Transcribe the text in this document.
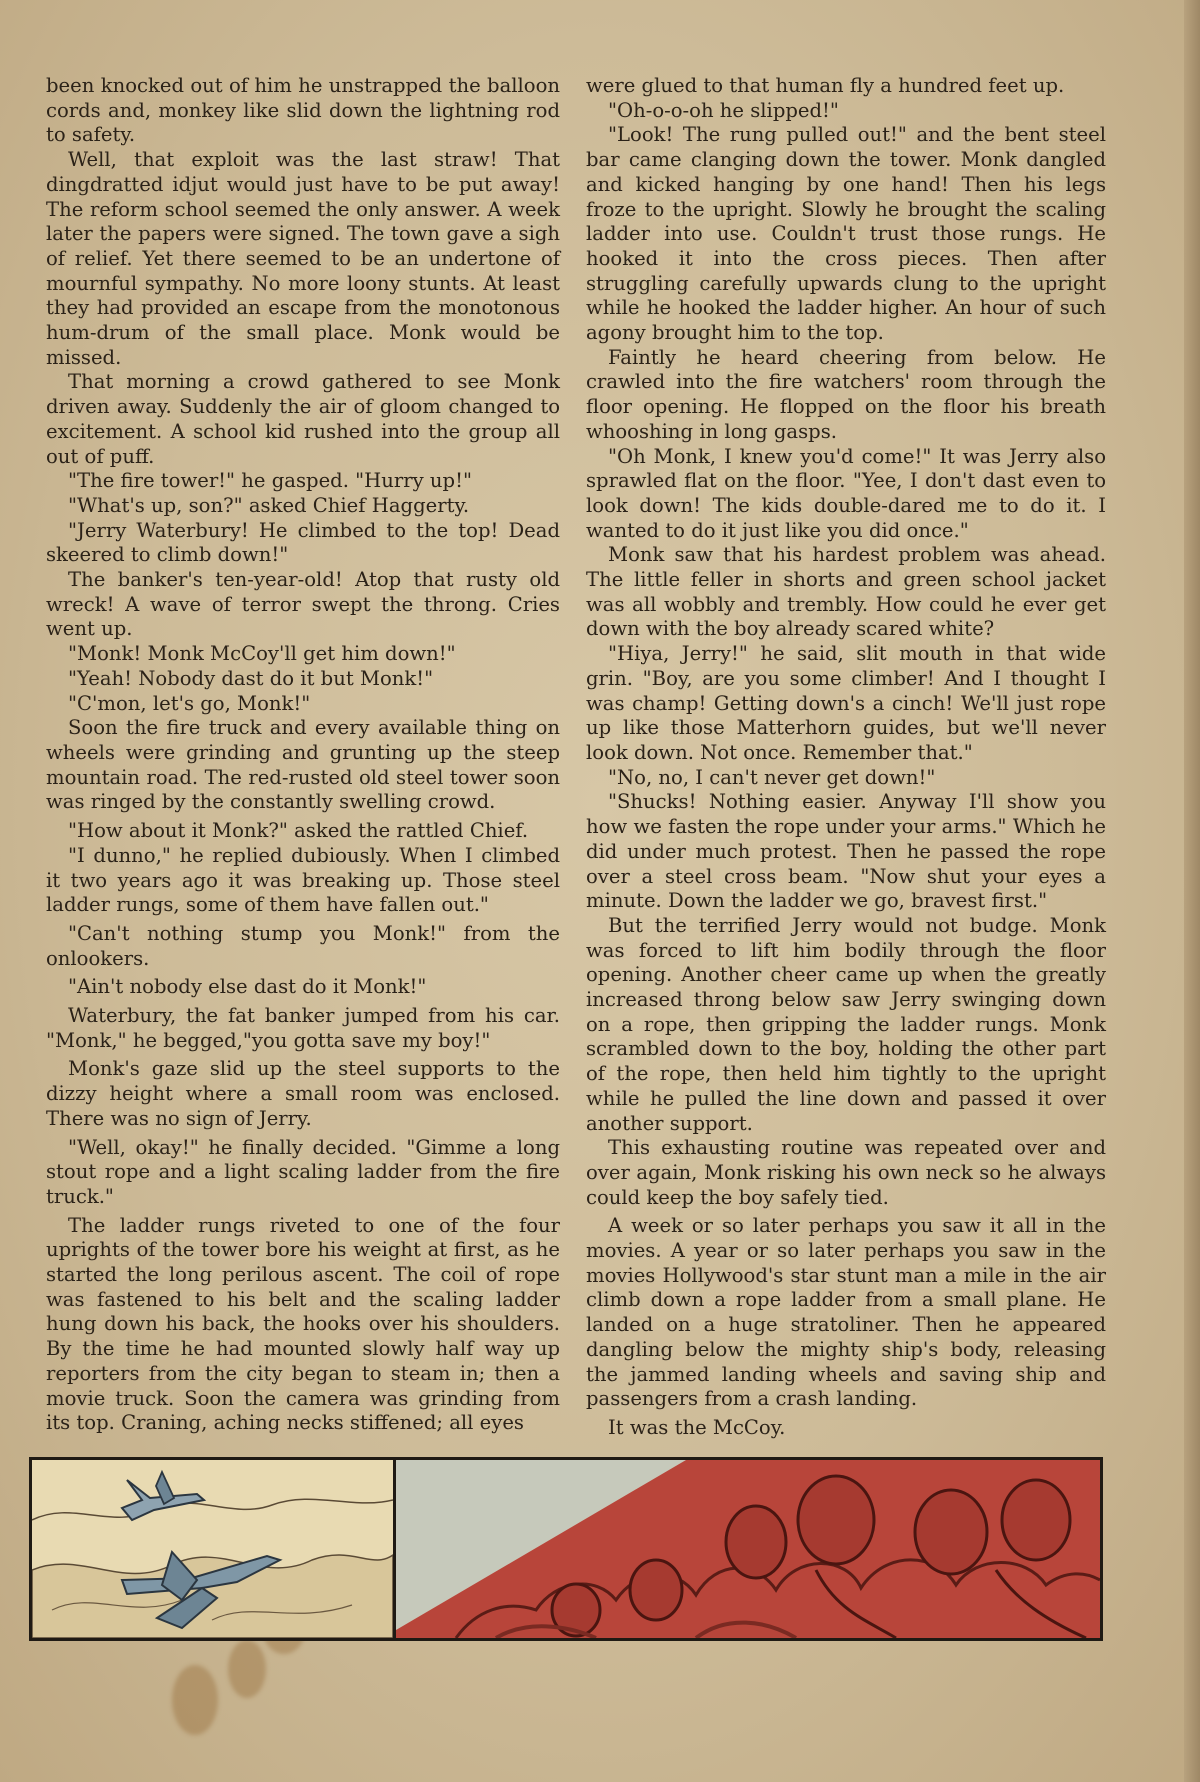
been knocked out of him he unstrapped the balloon cords and, monkey like slid down the lightning rod to safety.

Well, that exploit was the last straw! That dingdratted idjut would just have to be put away! The reform school seemed the only answer. A week later the papers were signed. The town gave a sigh of relief. Yet there seemed to be an undertone of mournful sympathy. No more loony stunts. At least they had provided an escape from the monotonous hum-drum of the small place. Monk would be missed.

That morning a crowd gathered to see Monk driven away. Suddenly the air of gloom changed to excitement. A school kid rushed into the group all out of puff.

"The fire tower!" he gasped. "Hurry up!"

"What's up, son?" asked Chief Haggerty.

"Jerry Waterbury! He climbed to the top! Dead skeered to climb down!"

The banker's ten-year-old! Atop that rusty old wreck! A wave of terror swept the throng. Cries went up.

"Monk! Monk McCoy'll get him down!"

"Yeah! Nobody dast do it but Monk!"

"C'mon, let's go, Monk!"

Soon the fire truck and every available thing on wheels were grinding and grunting up the steep mountain road. The red-rusted old steel tower soon was ringed by the constantly swelling crowd.

"How about it Monk?" asked the rattled Chief.

"I dunno," he replied dubiously. When I climbed it two years ago it was breaking up. Those steel ladder rungs, some of them have fallen out."

"Can't nothing stump you Monk!" from the onlookers.

"Ain't nobody else dast do it Monk!"

Waterbury, the fat banker jumped from his car. "Monk," he begged,"you gotta save my boy!"

Monk's gaze slid up the steel supports to the dizzy height where a small room was enclosed. There was no sign of Jerry.

"Well, okay!" he finally decided. "Gimme a long stout rope and a light scaling ladder from the fire truck."

The ladder rungs riveted to one of the four uprights of the tower bore his weight at first, as he started the long perilous ascent. The coil of rope was fastened to his belt and the scaling ladder hung down his back, the hooks over his shoulders. By the time he had mounted slowly half way up reporters from the city began to steam in; then a movie truck. Soon the camera was grinding from its top. Craning, aching necks stiffened; all eyes

were glued to that human fly a hundred feet up.

"Oh-o-o-oh he slipped!"

"Look! The rung pulled out!" and the bent steel bar came clanging down the tower. Monk dangled and kicked hanging by one hand! Then his legs froze to the upright. Slowly he brought the scaling ladder into use. Couldn't trust those rungs. He hooked it into the cross pieces. Then after struggling carefully upwards clung to the upright while he hooked the ladder higher. An hour of such agony brought him to the top.

Faintly he heard cheering from below. He crawled into the fire watchers' room through the floor opening. He flopped on the floor his breath whooshing in long gasps.

"Oh Monk, I knew you'd come!" It was Jerry also sprawled flat on the floor. "Yee, I don't dast even to look down! The kids double-dared me to do it. I wanted to do it just like you did once."

Monk saw that his hardest problem was ahead. The little feller in shorts and green school jacket was all wobbly and trembly. How could he ever get down with the boy already scared white?

"Hiya, Jerry!" he said, slit mouth in that wide grin. "Boy, are you some climber! And I thought I was champ! Getting down's a cinch! We'll just rope up like those Matterhorn guides, but we'll never look down. Not once. Remember that."

"No, no, I can't never get down!"

"Shucks! Nothing easier. Anyway I'll show you how we fasten the rope under your arms." Which he did under much protest. Then he passed the rope over a steel cross beam. "Now shut your eyes a minute. Down the ladder we go, bravest first."

But the terrified Jerry would not budge. Monk was forced to lift him bodily through the floor opening. Another cheer came up when the greatly increased throng below saw Jerry swinging down on a rope, then gripping the ladder rungs. Monk scrambled down to the boy, holding the other part of the rope, then held him tightly to the upright while he pulled the line down and passed it over another support.

This exhausting routine was repeated over and over again, Monk risking his own neck so he always could keep the boy safely tied.

A week or so later perhaps you saw it all in the movies. A year or so later perhaps you saw in the movies Hollywood's star stunt man a mile in the air climb down a rope ladder from a small plane. He landed on a huge stratoliner. Then he appeared dangling below the mighty ship's body, releasing the jammed landing wheels and saving ship and passengers from a crash landing.

It was the McCoy.
